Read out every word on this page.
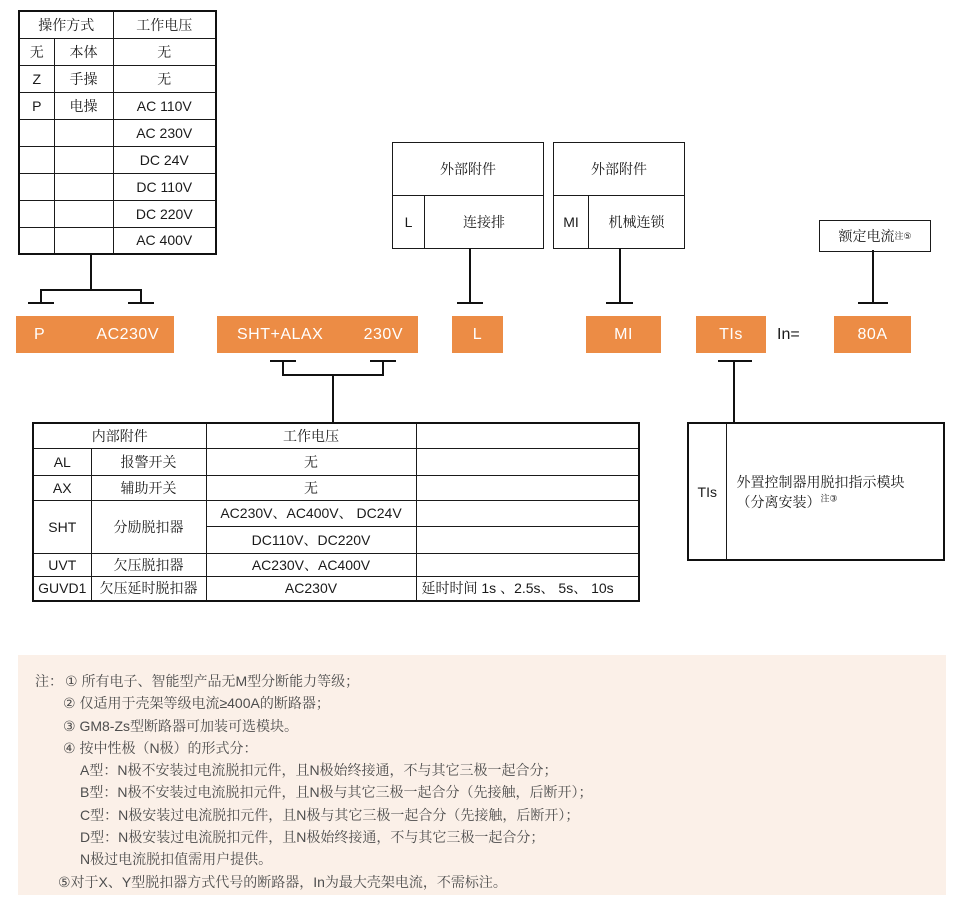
操作方式		工作电压
无	本体	无
Z	手操	无
P	电操	AC 110V
		AC 230V
		DC 24V
		DC 110V
		DC 220V
		AC 400V
外部附件
L	连接排
外部附件
MI	机械连锁
额定电流 注⑤
P	AC230V	SHT+ALAX	230V	L	MI	TIs In=	80A
内部附件		工作电压	
AL	报警开关	无	
AX	辅助开关	无	
SHT	分励脱扣器	AC230V、AC400V、 DC24V	
		DC110V、DC220V	
UVT	欠压脱扣器	AC230V、AC400V	
GUVD1	欠压延时脱扣器	AC230V	延时时间 1s 、2.5s、 5s、 10s
TIs	外置控制器用脱扣指示模块
（分离安装）$^{注③}$
注： ① 所有电子、智能型产品无M型分断能力等级；
② 仅适用于壳架等级电流≥400A的断路器；
③ GM8-Zs型断路器可加装可选模块。
④ 按中性极（N极）的形式分：
A型：N极不安装过电流脱扣元件，且N极始终接通，不与其它三极一起合分；
B型：N极不安装过电流脱扣元件，且N极与其它三极一起合分（先接触，后断开）；
C型：N极安装过电流脱扣元件，且N极与其它三极一起合分（先接触，后断开）；
D型：N极安装过电流脱扣元件，且N极始终接通，不与其它三极一起合分；
N极过电流脱扣值需用户提供。
⑤对于X、Y型脱扣器方式代号的断路器，In为最大壳架电流，不需标注。
